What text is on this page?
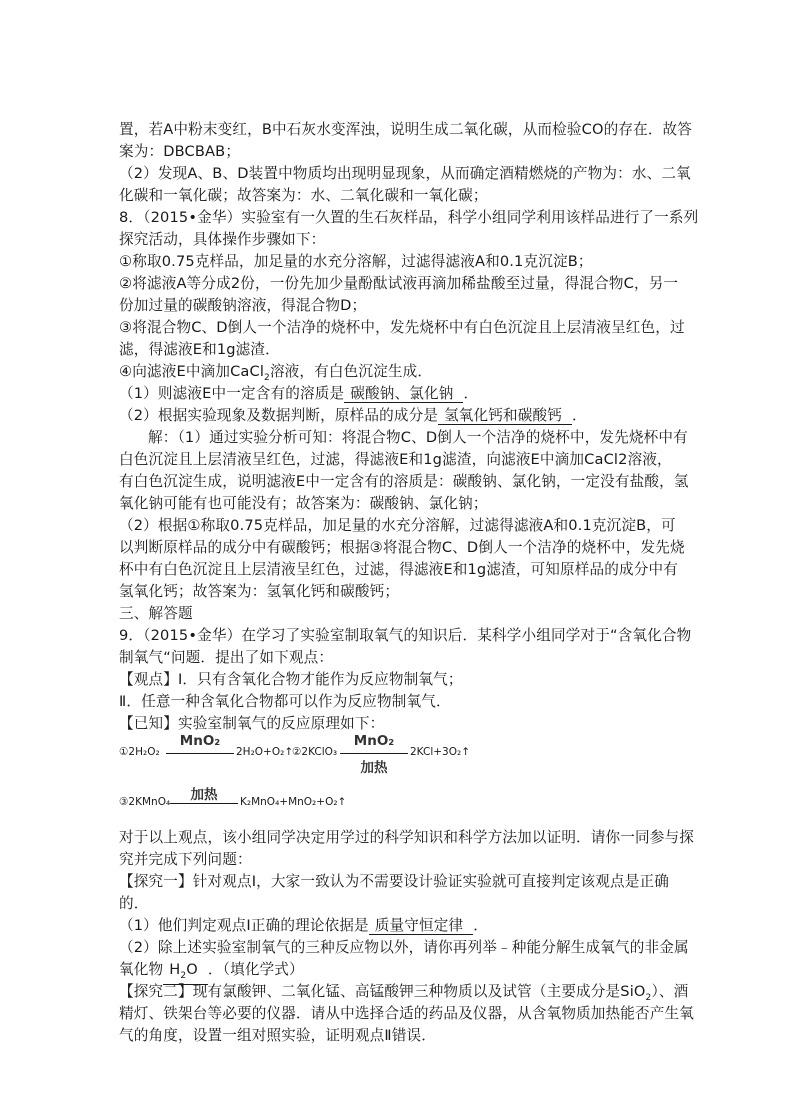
置，若A中粉末变红，B中石灰水变浑浊，说明生成二氧化碳，从而检验CO的存在．故答
案为：DBCBAB；
（2）发现A、B、D装置中物质均出现明显现象，从而确定酒精燃烧的产物为：水、二氧
化碳和一氧化碳；故答案为：水、二氧化碳和一氧化碳；
8．（2015•金华）实验室有一久置的生石灰样品，科学小组同学利用该样品进行了一系列
探究活动，具体操作步骤如下：
①称取0.75克样品，加足量的水充分溶解，过滤得滤液A和0.1克沉淀B；
②将滤液A等分成2份，一份先加少量酚酞试液再滴加稀盐酸至过量，得混合物C，另一
份加过量的碳酸钠溶液，得混合物D；
③将混合物C、D倒人一个洁净的烧杯中，发先烧杯中有白色沉淀且上层清液呈红色，过
滤，得滤液E和1g滤渣．
④向滤液E中滴加CaCl$_2$溶液，有白色沉淀生成．
（1）则滤液E中一定含有的溶质是 碳酸钠、氯化钠 ．
（2）根据实验现象及数据判断，原样品的成分是 氢氧化钙和碳酸钙 ．
解：（1）通过实验分析可知：将混合物C、D倒人一个洁净的烧杯中，发先烧杯中有
白色沉淀且上层清液呈红色，过滤，得滤液E和1g滤渣，向滤液E中滴加CaCl2溶液，
有白色沉淀生成，说明滤液E中一定含有的溶质是：碳酸钠、氯化钠，一定没有盐酸，氢
氧化钠可能有也可能没有；故答案为：碳酸钠、氯化钠；
（2）根据①称取0.75克样品，加足量的水充分溶解，过滤得滤液A和0.1克沉淀B，可
以判断原样品的成分中有碳酸钙；根据③将混合物C、D倒人一个洁净的烧杯中，发先烧
杯中有白色沉淀且上层清液呈红色，过滤，得滤液E和1g滤渣，可知原样品的成分中有
氢氧化钙；故答案为：氢氧化钙和碳酸钙；
三、解答题
9．（2015•金华）在学习了实验室制取氧气的知识后．某科学小组同学对于“含氧化合物
制氧气“问题．提出了如下观点：
【观点】Ⅰ．只有含氧化合物才能作为反应物制氧气；
Ⅱ．任意一种含氧化合物都可以作为反应物制氧气．
【已知】实验室制氧气的反应原理如下：
①2H₂O₂
MnO₂
2H₂O+O₂↑
②2KClO₃
MnO₂
加热
2KCl+3O₂↑
③2KMnO₄	加热	K₂MnO₄+MnO₂+O₂↑
对于以上观点，该小组同学决定用学过的科学知识和科学方法加以证明．请你一同参与探
究并完成下列问题：
【探究一】针对观点Ⅰ，大家一致认为不需要设计验证实验就可直接判定该观点是正确
的．
（1）他们判定观点Ⅰ正确的理论依据是 质量守恒定律 ．
（2）除上述实验室制氧气的三种反应物以外，请你再列举﹣种能分解生成氧气的非金属
氧化物 $H_2O$ ．（填化学式）
【探究二】现有氯酸钾、二氧化锰、高锰酸钾三种物质以及试管（主要成分是SiO$_2$）、酒
精灯、铁架台等必要的仪器．请从中选择合适的药品及仪器，从含氧物质加热能否产生氧
气的角度，设置一组对照实验，证明观点Ⅱ错误．
